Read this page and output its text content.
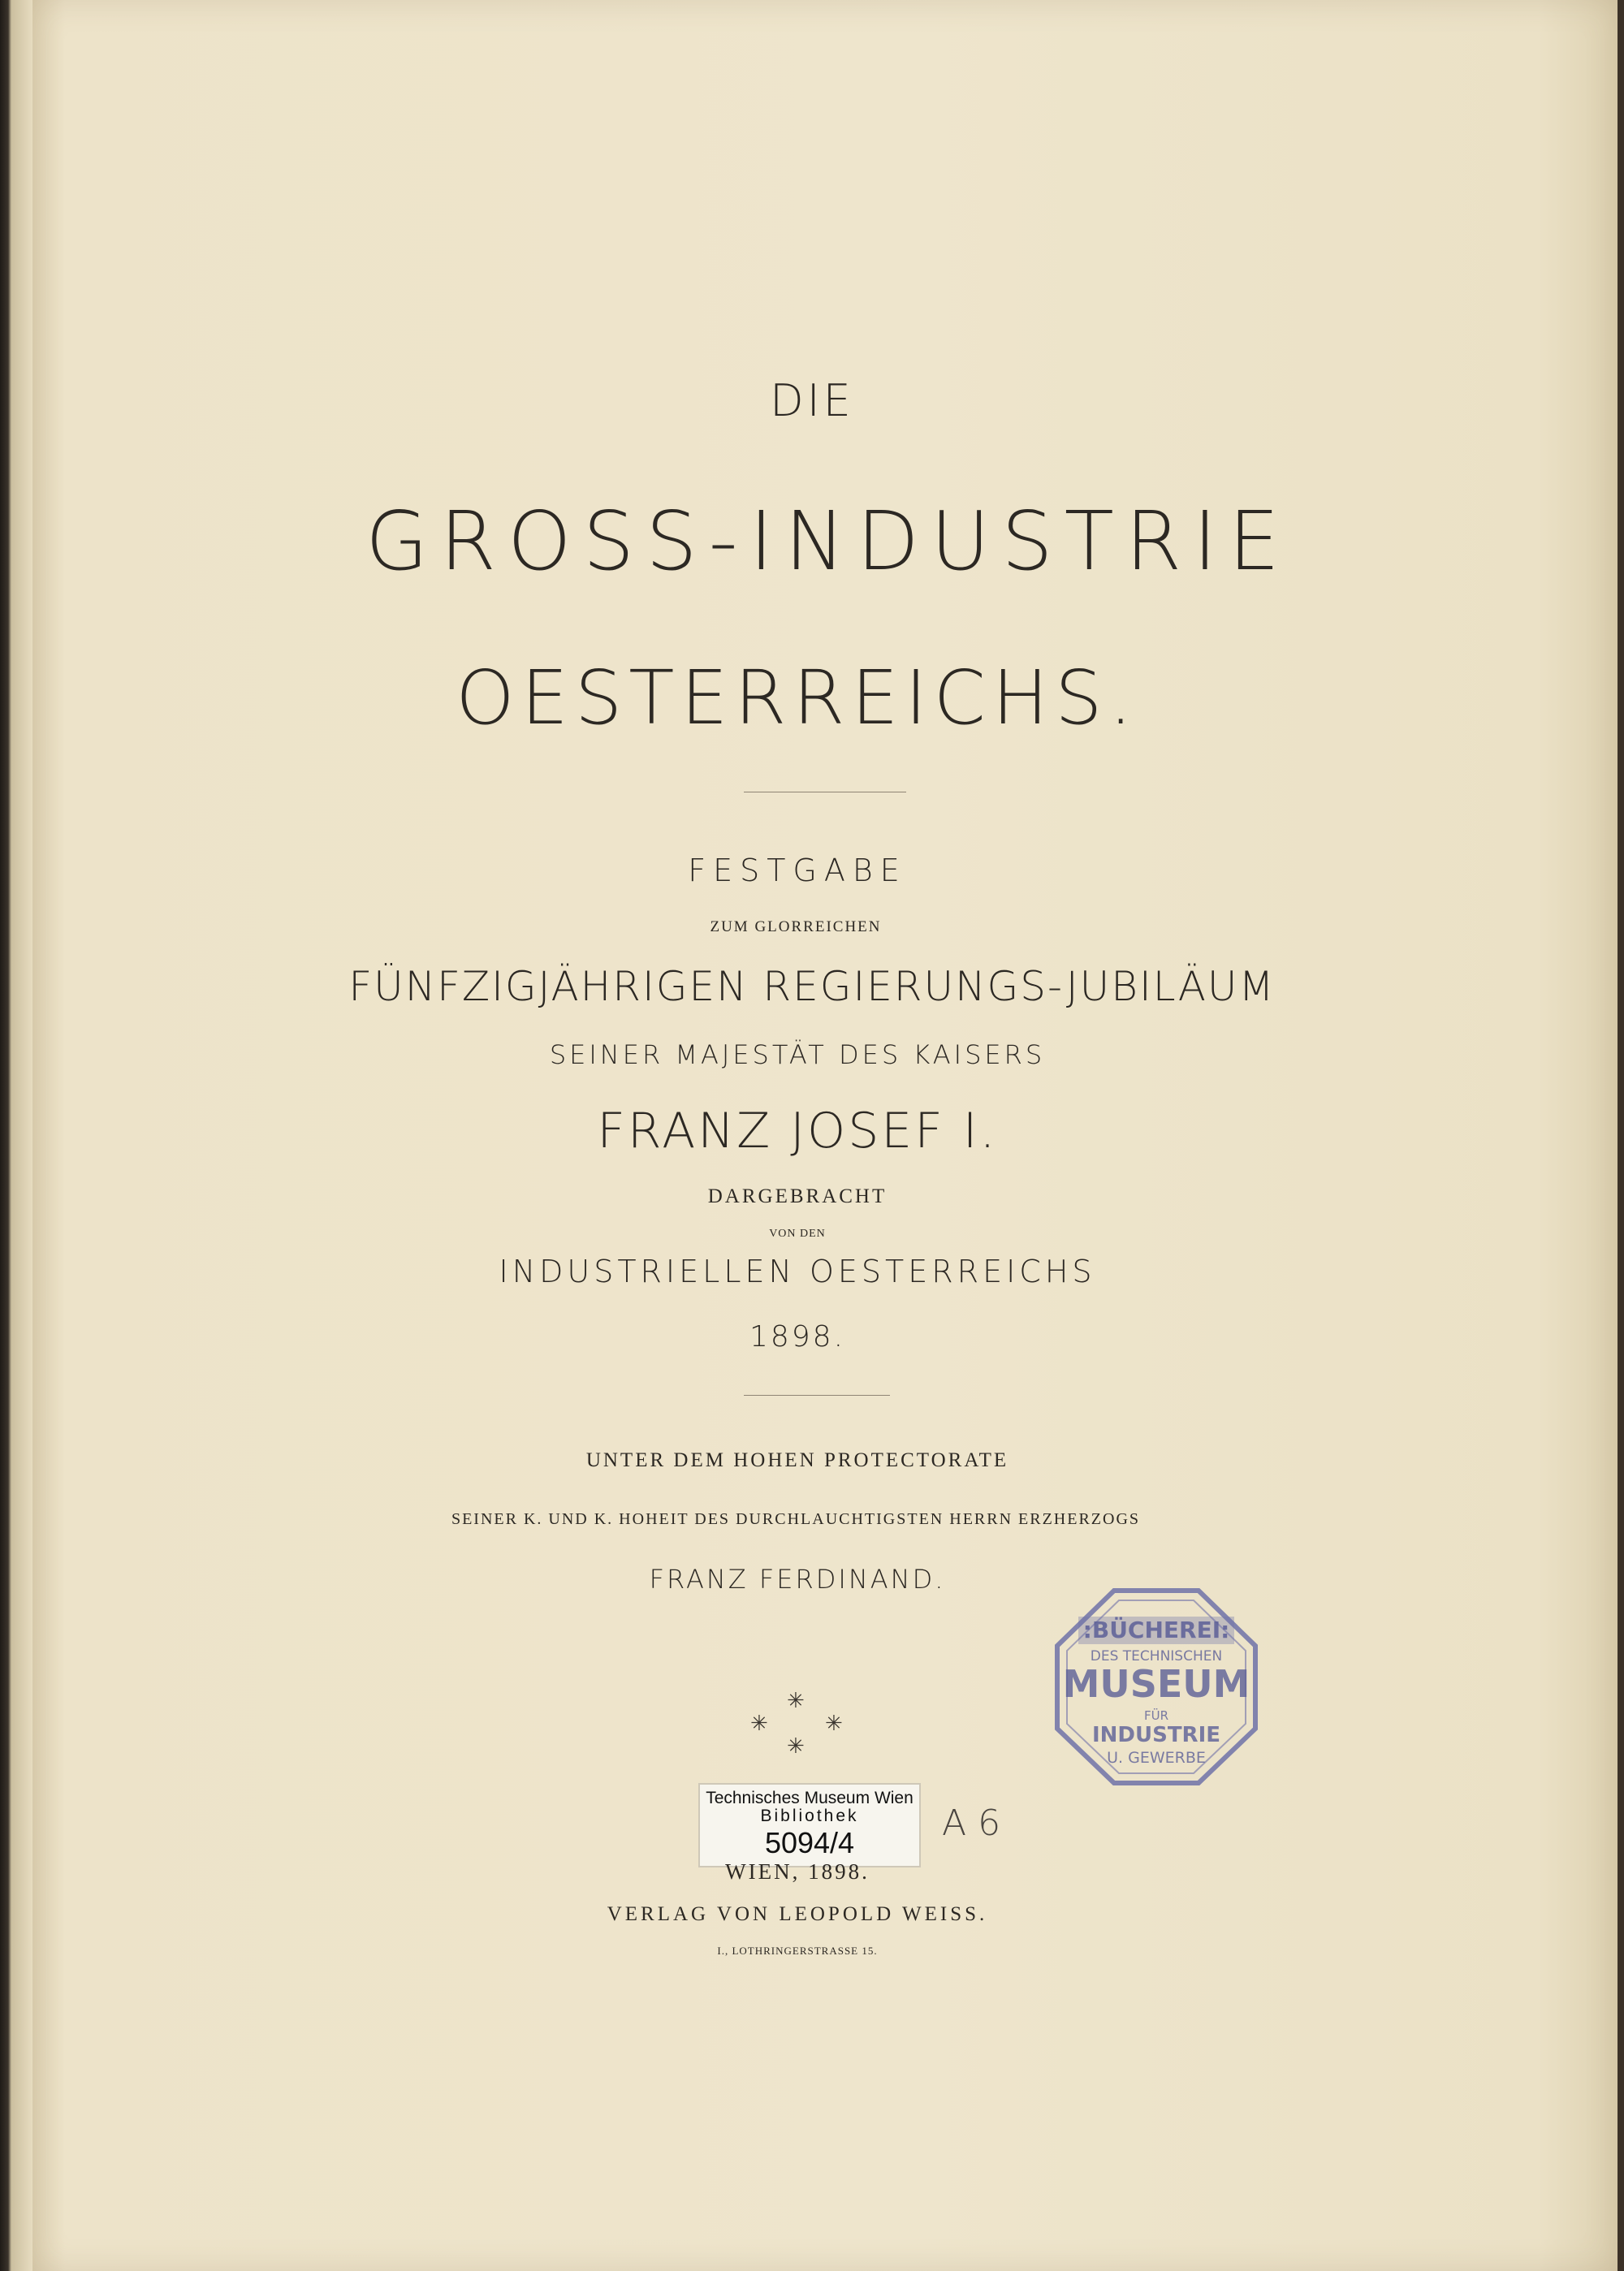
DIE
GROSS-INDUSTRIE
OESTERREICHS.
FESTGABE
ZUM GLORREICHEN
FÜNFZIGJÄHRIGEN REGIERUNGS-JUBILÄUM
SEINER MAJESTÄT DES KAISERS
FRANZ JOSEF I.
DARGEBRACHT
VON DEN
INDUSTRIELLEN OESTERREICHS
1898.
UNTER DEM HOHEN PROTECTORATE
SEINER K. UND K. HOHEIT DES DURCHLAUCHTIGSTEN HERRN ERZHERZOGS
FRANZ FERDINAND.
✳
✳	✳
✳
:BÜCHEREI:
DES TECHNISCHEN
MUSEUM
FÜR
INDUSTRIE
U. GEWERBE
Technisches Museum Wien
Bibliothek
5094/4	A 6
WIEN, 1898.
VERLAG VON LEOPOLD WEISS.
I., LOTHRINGERSTRASSE 15.
